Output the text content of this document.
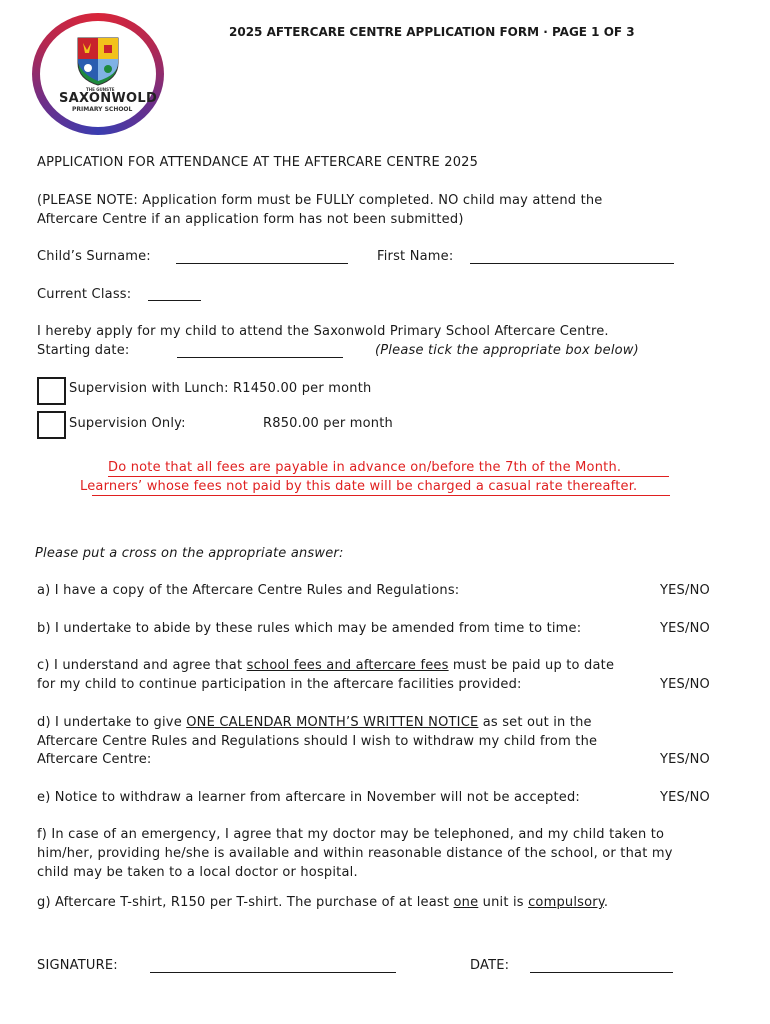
THE GUNSTE
SAXONWOLD
PRIMARY SCHOOL
2025 AFTERCARE CENTRE APPLICATION FORM · PAGE 1 OF 3
APPLICATION FOR ATTENDANCE AT THE AFTERCARE CENTRE 2025
(PLEASE NOTE: Application form must be FULLY completed. NO child may attend the
Aftercare Centre if an application form has not been submitted)
Child’s Surname:	First Name:
Current Class:
I hereby apply for my child to attend the Saxonwold Primary School Aftercare Centre.
Starting date:	(Please tick the appropriate box below)
Supervision with Lunch: R1450.00 per month
Supervision Only:	R850.00 per month
Do note that all fees are payable in advance on/before the 7th of the Month.
Learners’ whose fees not paid by this date will be charged a casual rate thereafter.
Please put a cross on the appropriate answer:
a) I have a copy of the Aftercare Centre Rules and Regulations:	YES/NO
b) I undertake to abide by these rules which may be amended from time to time:	YES/NO
c) I understand and agree that school fees and aftercare fees must be paid up to date
for my child to continue participation in the aftercare facilities provided:	YES/NO
d) I undertake to give ONE CALENDAR MONTH’S WRITTEN NOTICE as set out in the
Aftercare Centre Rules and Regulations should I wish to withdraw my child from the
Aftercare Centre:	YES/NO
e) Notice to withdraw a learner from aftercare in November will not be accepted:	YES/NO
f) In case of an emergency, I agree that my doctor may be telephoned, and my child taken to
him/her, providing he/she is available and within reasonable distance of the school, or that my
child may be taken to a local doctor or hospital.
g) Aftercare T-shirt, R150 per T-shirt. The purchase of at least one unit is compulsory.
SIGNATURE:	DATE:
